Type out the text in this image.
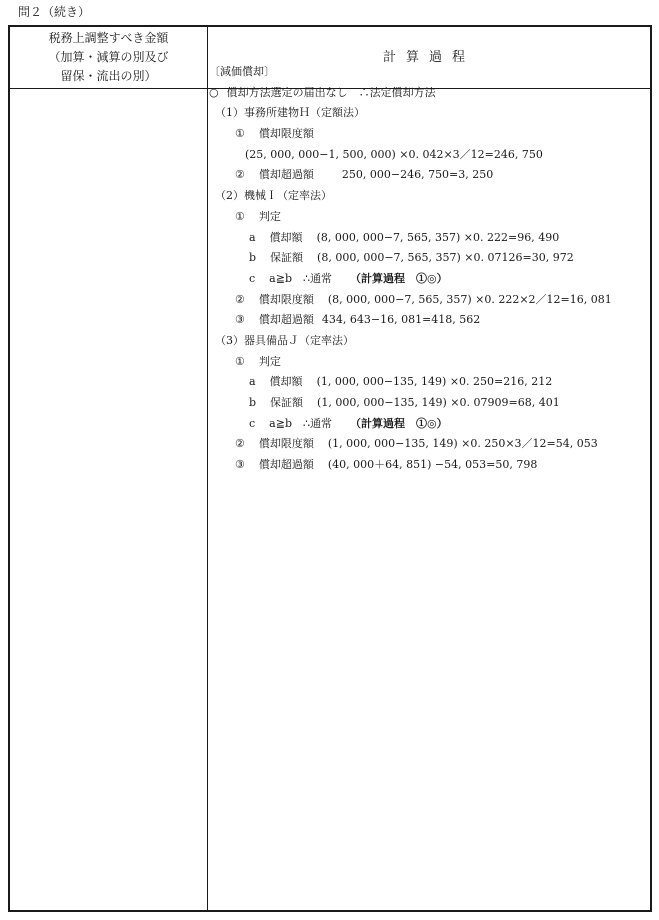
問２（続き）
税務上調整すべき金額
（加算・減算の別及び
留保・流出の別）
計算過程
〔減価償却〕
○ 償却方法選定の届出なし　∴法定償却方法
（1）事務所建物Ｈ（定額法）
① 償却限度額
(25, 000, 000−1, 500, 000) ×0. 042×3／12=246, 750
② 償却超過額	250, 000−246, 750=3, 250
（2）機械Ｉ（定率法）
① 判定
a 償却額 (8, 000, 000−7, 565, 357) ×0. 222=96, 490
b 保証額 (8, 000, 000−7, 565, 357) ×0. 07126=30, 972
c a≧b　∴通常 （計算過程　①◎）
② 償却限度額 (8, 000, 000−7, 565, 357) ×0. 222×2／12=16, 081
③ 償却超過額 434, 643−16, 081=418, 562
（3）器具備品Ｊ（定率法）
① 判定
a 償却額 (1, 000, 000−135, 149) ×0. 250=216, 212
b 保証額 (1, 000, 000−135, 149) ×0. 07909=68, 401
c a≧b　∴通常 （計算過程　①◎）
② 償却限度額 (1, 000, 000−135, 149) ×0. 250×3／12=54, 053
③ 償却超過額 (40, 000＋64, 851) −54, 053=50, 798
